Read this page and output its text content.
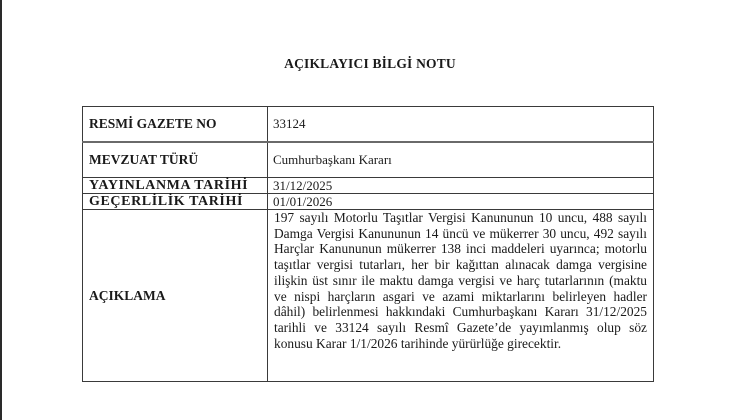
AÇIKLAYICI BİLGİ NOTU
RESMİ GAZETE NO	33124
MEVZUAT TÜRÜ	Cumhurbaşkanı Kararı
YAYINLANMA TARİHİ	31/12/2025
GEÇERLİLİK TARİHİ	01/01/2026
AÇIKLAMA	197 sayılı Motorlu Taşıtlar Vergisi Kanununun 10 uncu, 488 sayılı Damga Vergisi Kanununun 14 üncü ve mükerrer 30 uncu, 492 sayılı Harçlar Kanununun mükerrer 138 inci maddeleri uyarınca; motorlu taşıtlar vergisi tutarları, her bir kağıttan alınacak damga vergisine ilişkin üst sınır ile maktu damga vergisi ve harç tutarlarının (maktu ve nispi harçların asgari ve azami miktarlarını belirleyen hadler dâhil) belirlenmesi hakkındaki Cumhurbaşkanı Kararı 31/12/2025 tarihli ve 33124 sayılı Resmî Gazete’de yayımlanmış olup söz konusu Karar 1/1/2026 tarihinde yürürlüğe girecektir.
